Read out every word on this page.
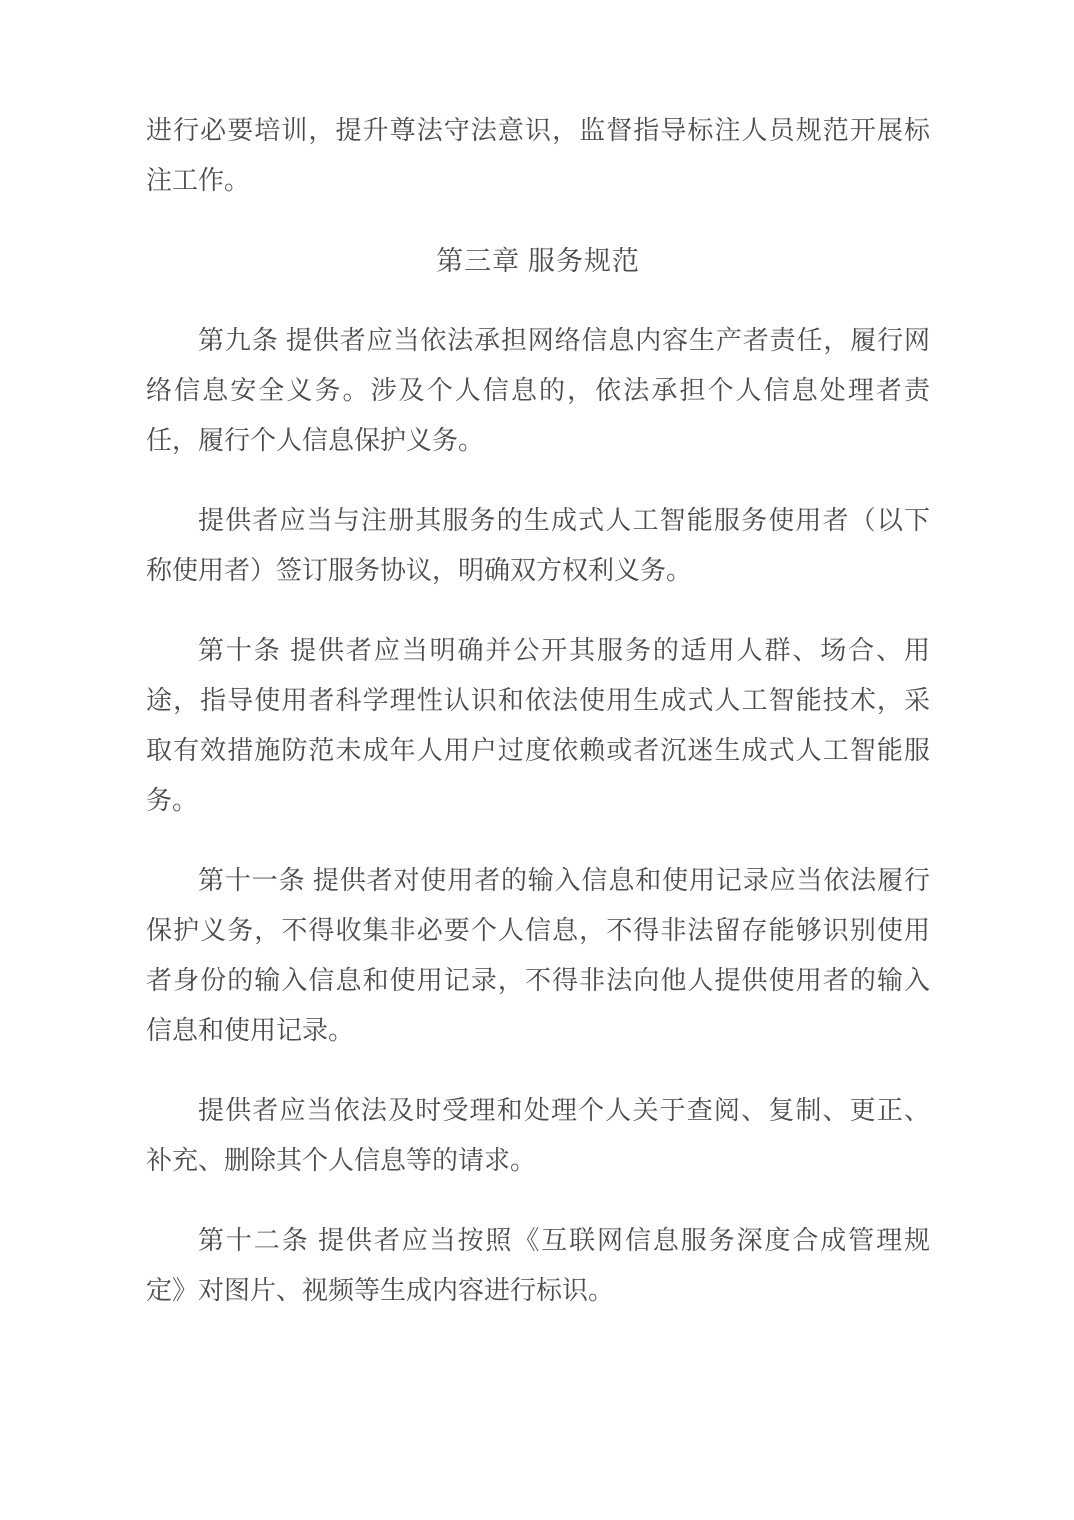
进行必要培训，提升尊法守法意识，监督指导标注人员规范开展标
注工作。
第三章 服务规范
第九条 提供者应当依法承担网络信息内容生产者责任，履行网
络信息安全义务。涉及个人信息的，依法承担个人信息处理者责
任，履行个人信息保护义务。
提供者应当与注册其服务的生成式人工智能服务使用者（以下
称使用者）签订服务协议，明确双方权利义务。
第十条 提供者应当明确并公开其服务的适用人群、场合、用
途，指导使用者科学理性认识和依法使用生成式人工智能技术，采
取有效措施防范未成年人用户过度依赖或者沉迷生成式人工智能服
务。
第十一条 提供者对使用者的输入信息和使用记录应当依法履行
保护义务，不得收集非必要个人信息，不得非法留存能够识别使用
者身份的输入信息和使用记录，不得非法向他人提供使用者的输入
信息和使用记录。
提供者应当依法及时受理和处理个人关于查阅、复制、更正、
补充、删除其个人信息等的请求。
第十二条 提供者应当按照《互联网信息服务深度合成管理规
定》对图片、视频等生成内容进行标识。
